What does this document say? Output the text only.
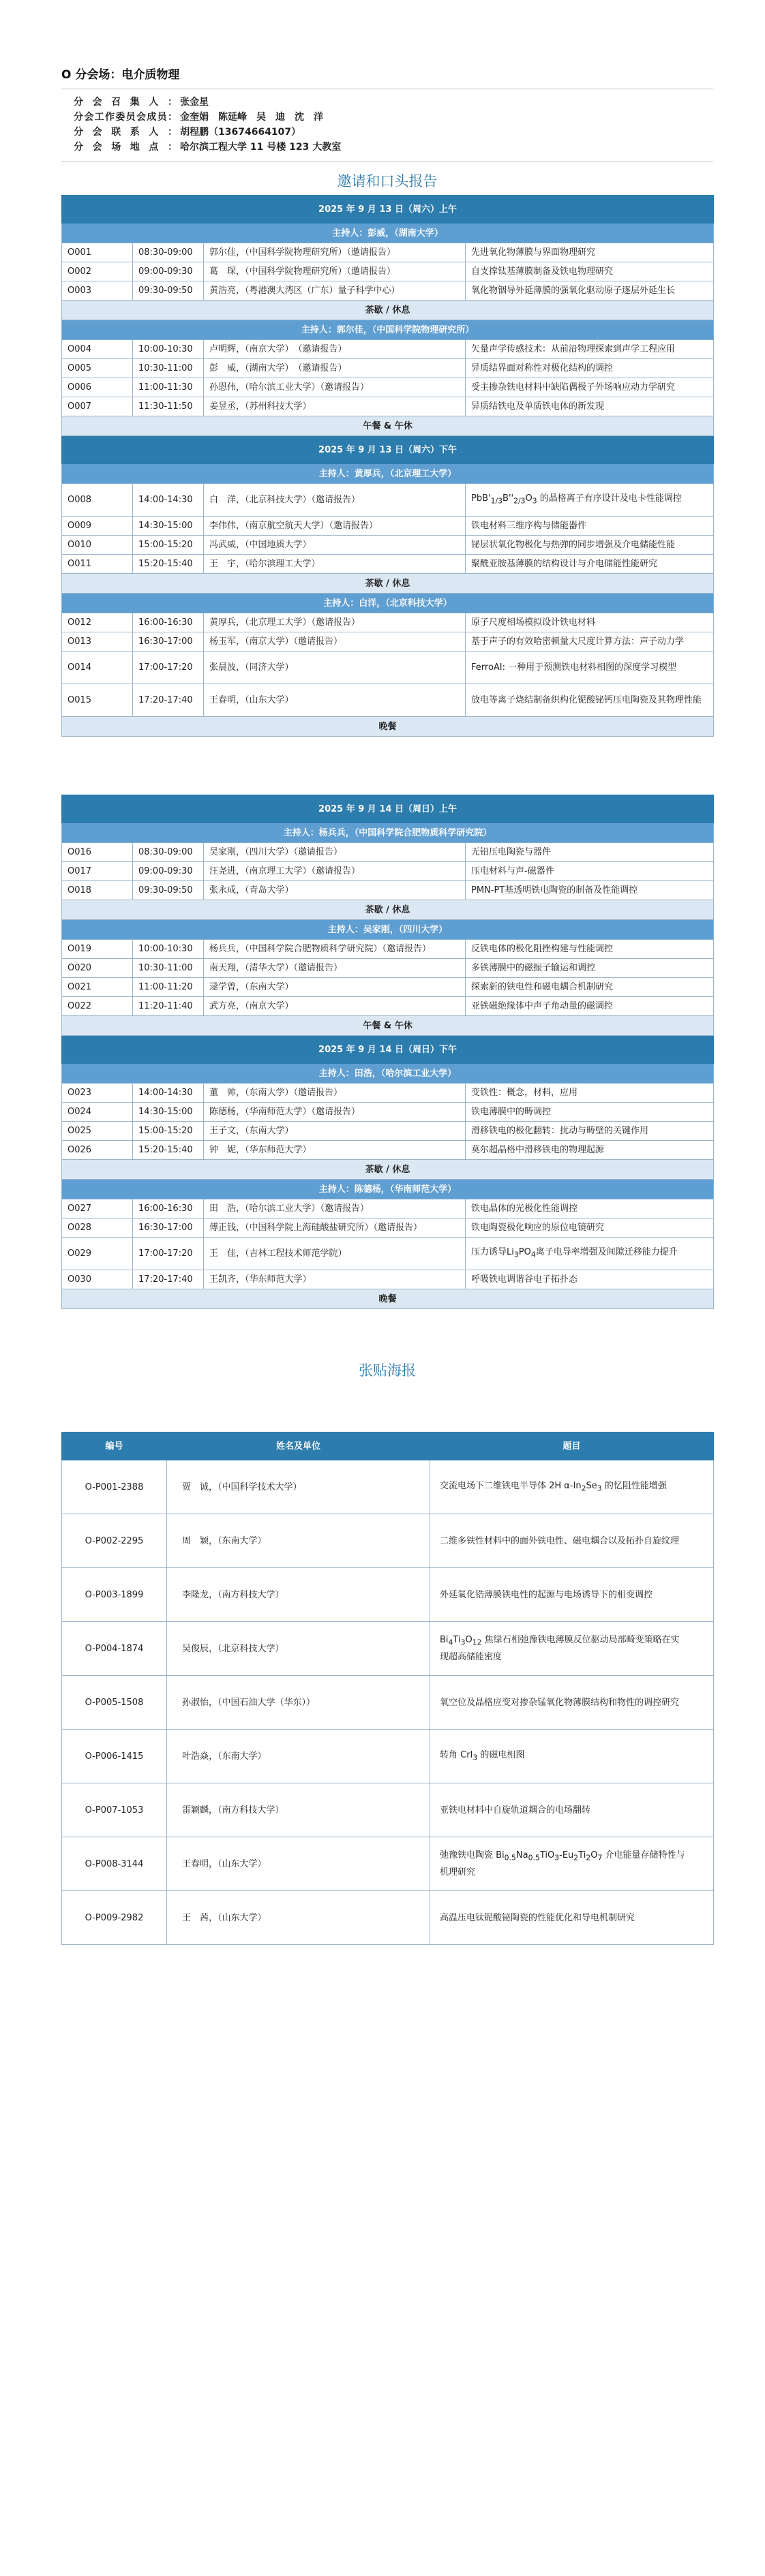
O 分会场：电介质物理
分会召集人： 张金星
分会工作委员会成员： 金奎娟　陈延峰　吴　迪　沈　洋
分会联系人： 胡程鹏（13674664107）
分会场地点： 哈尔滨工程大学 11 号楼 123 大教室
邀请和口头报告
2025 年 9 月 13 日（周六）上午			
主持人：彭威，（湖南大学）			
O001	08:30-09:00	郭尔佳，（中国科学院物理研究所）（邀请报告）	先进氧化物薄膜与界面物理研究
O002	09:00-09:30	葛　琛，（中国科学院物理研究所）（邀请报告）	自支撑钛基薄膜制备及铁电物理研究
O003	09:30-09:50	黄浩亮，（粤港澳大湾区（广东）量子科学中心）	氧化物铟导外延薄膜的强氧化驱动原子逐层外延生长
茶歇 / 休息			
主持人：郭尔佳，（中国科学院物理研究所）			
O004	10:00-10:30	卢明辉，（南京大学）　（邀请报告）	矢量声学传感技术：从前沿物理探索到声学工程应用
O005	10:30-11:00	彭　威，（湖南大学）　（邀请报告）	异质结界面对称性对极化结构的调控
O006	11:00-11:30	孙恩伟，（哈尔滨工业大学）（邀请报告）	受主掺杂铁电材料中缺陷偶极子外场响应动力学研究
O007	11:30-11:50	姜昱丞，（苏州科技大学）	异质结铁电及单质铁电体的新发现
午餐 & 午休			
2025 年 9 月 13 日（周六）下午			
主持人：黄厚兵，（北京理工大学）			
O008	14:00-14:30	白　洋，（北京科技大学）（邀请报告）	$PbB'_{1/3}B''_{2/3}O_3$ 的晶格离子有序设计及电卡性能调控
O009	14:30-15:00	李伟伟，（南京航空航天大学）（邀请报告）	铁电材料三维序构与储能器件
O010	15:00-15:20	冯武威，（中国地质大学）	铋层状氧化物极化与热弹的同步增强及介电储能性能
O011	15:20-15:40	王　宇，（哈尔滨理工大学）	聚酰亚胺基薄膜的结构设计与介电储能性能研究
茶歇 / 休息			
主持人：白洋，（北京科技大学）			
O012	16:00-16:30	黄厚兵，（北京理工大学）（邀请报告）	原子尺度相场模拟设计铁电材料
O013	16:30-17:00	杨玉军，（南京大学）（邀请报告）	基于声子的有效哈密顿量大尺度计算方法：声子动力学
O014	17:00-17:20	张晨波，（同济大学）	FerroAI: 一种用于预测铁电材料相图的深度学习模型
O015	17:20-17:40	王春明，（山东大学）	放电等离子烧结制备织构化铌酸铋钙压电陶瓷及其物理性能
晚餐			
2025 年 9 月 14 日（周日）上午			
主持人：杨兵兵，（中国科学院合肥物质科学研究院）			
O016	08:30-09:00	吴家刚，（四川大学）（邀请报告）	无铅压电陶瓷与器件
O017	09:00-09:30	汪尧进，（南京理工大学）（邀请报告）	压电材料与声-磁器件
O018	09:30-09:50	张永成，（青岛大学）	PMN-PT基透明铁电陶瓷的制备及性能调控
茶歇 / 休息			
主持人：吴家刚，（四川大学）			
O019	10:00-10:30	杨兵兵，（中国科学院合肥物质科学研究院）（邀请报告）	反铁电体的极化阻挫构建与性能调控
O020	10:30-11:00	南天翔，（清华大学）（邀请报告）	多铁薄膜中的磁振子输运和调控
O021	11:00-11:20	逯学曾，（东南大学）	探索新的铁电性和磁电耦合机制研究
O022	11:20-11:40	武方亮，（南京大学）	亚铁磁绝缘体中声子角动量的磁调控
午餐 & 午休			
2025 年 9 月 14 日（周日）下午			
主持人：田浩，（哈尔滨工业大学）			
O023	14:00-14:30	董　帅，（东南大学）（邀请报告）	变铁性：概念，材料，应用
O024	14:30-15:00	陈德杨，（华南师范大学）（邀请报告）	铁电薄膜中的畴调控
O025	15:00-15:20	王子文，（东南大学）	滑移铁电的极化翻转：扰动与畴壁的关键作用
O026	15:20-15:40	钟　妮，（华东师范大学）	莫尔超晶格中滑移铁电的物理起源
茶歇 / 休息			
主持人：陈德杨，（华南师范大学）			
O027	16:00-16:30	田　浩，（哈尔滨工业大学）（邀请报告）	铁电晶体的光极化性能调控
O028	16:30-17:00	傅正钱，（中国科学院上海硅酸盐研究所）（邀请报告）	铁电陶瓷极化响应的原位电镜研究
O029	17:00-17:20	王　佳，（吉林工程技术师范学院）	压力诱导$Li_3PO_4$离子电导率增强及间隙迁移能力提升
O030	17:20-17:40	王凯齐，（华东师范大学）	呼吸铁电调谐谷电子拓扑态
晚餐			
张贴海报
编号	姓名及单位	题目
O-P001-2388	贾　诚，（中国科学技术大学）	交流电场下二维铁电半导体 2H $\alpha-In_2Se_3$ 的忆阻性能增强
O-P002-2295	周　颖，（东南大学）	二维多铁性材料中的面外铁电性、磁电耦合以及拓扑自旋纹理
O-P003-1899	李隆龙，（南方科技大学）	外延氧化锆薄膜铁电性的起源与电场诱导下的相变调控
O-P004-1874	吴俊辰，（北京科技大学）	$Bi_4Ti_3O_{12}$ 焦绿石相弛豫铁电薄膜反位驱动局部畸变策略在实现超高储能密度
O-P005-1508	孙淑怡，（中国石油大学（华东））	氧空位及晶格应变对掺杂锰氧化物薄膜结构和物性的调控研究
O-P006-1415	叶浩焱，（东南大学）	转角 CrI$_3$ 的磁电相图
O-P007-1053	雷颖麟，（南方科技大学）	亚铁电材料中自旋轨道耦合的电场翻转
O-P008-3144	王春明，（山东大学）	弛豫铁电陶瓷 $Bi_{0.5}Na_{0.5}TiO_3-Eu_2Ti_2O_7$ 介电能量存储特性与机理研究
O-P009-2982	王　茜，（山东大学）	高温压电钛铌酸铋陶瓷的性能优化和导电机制研究
